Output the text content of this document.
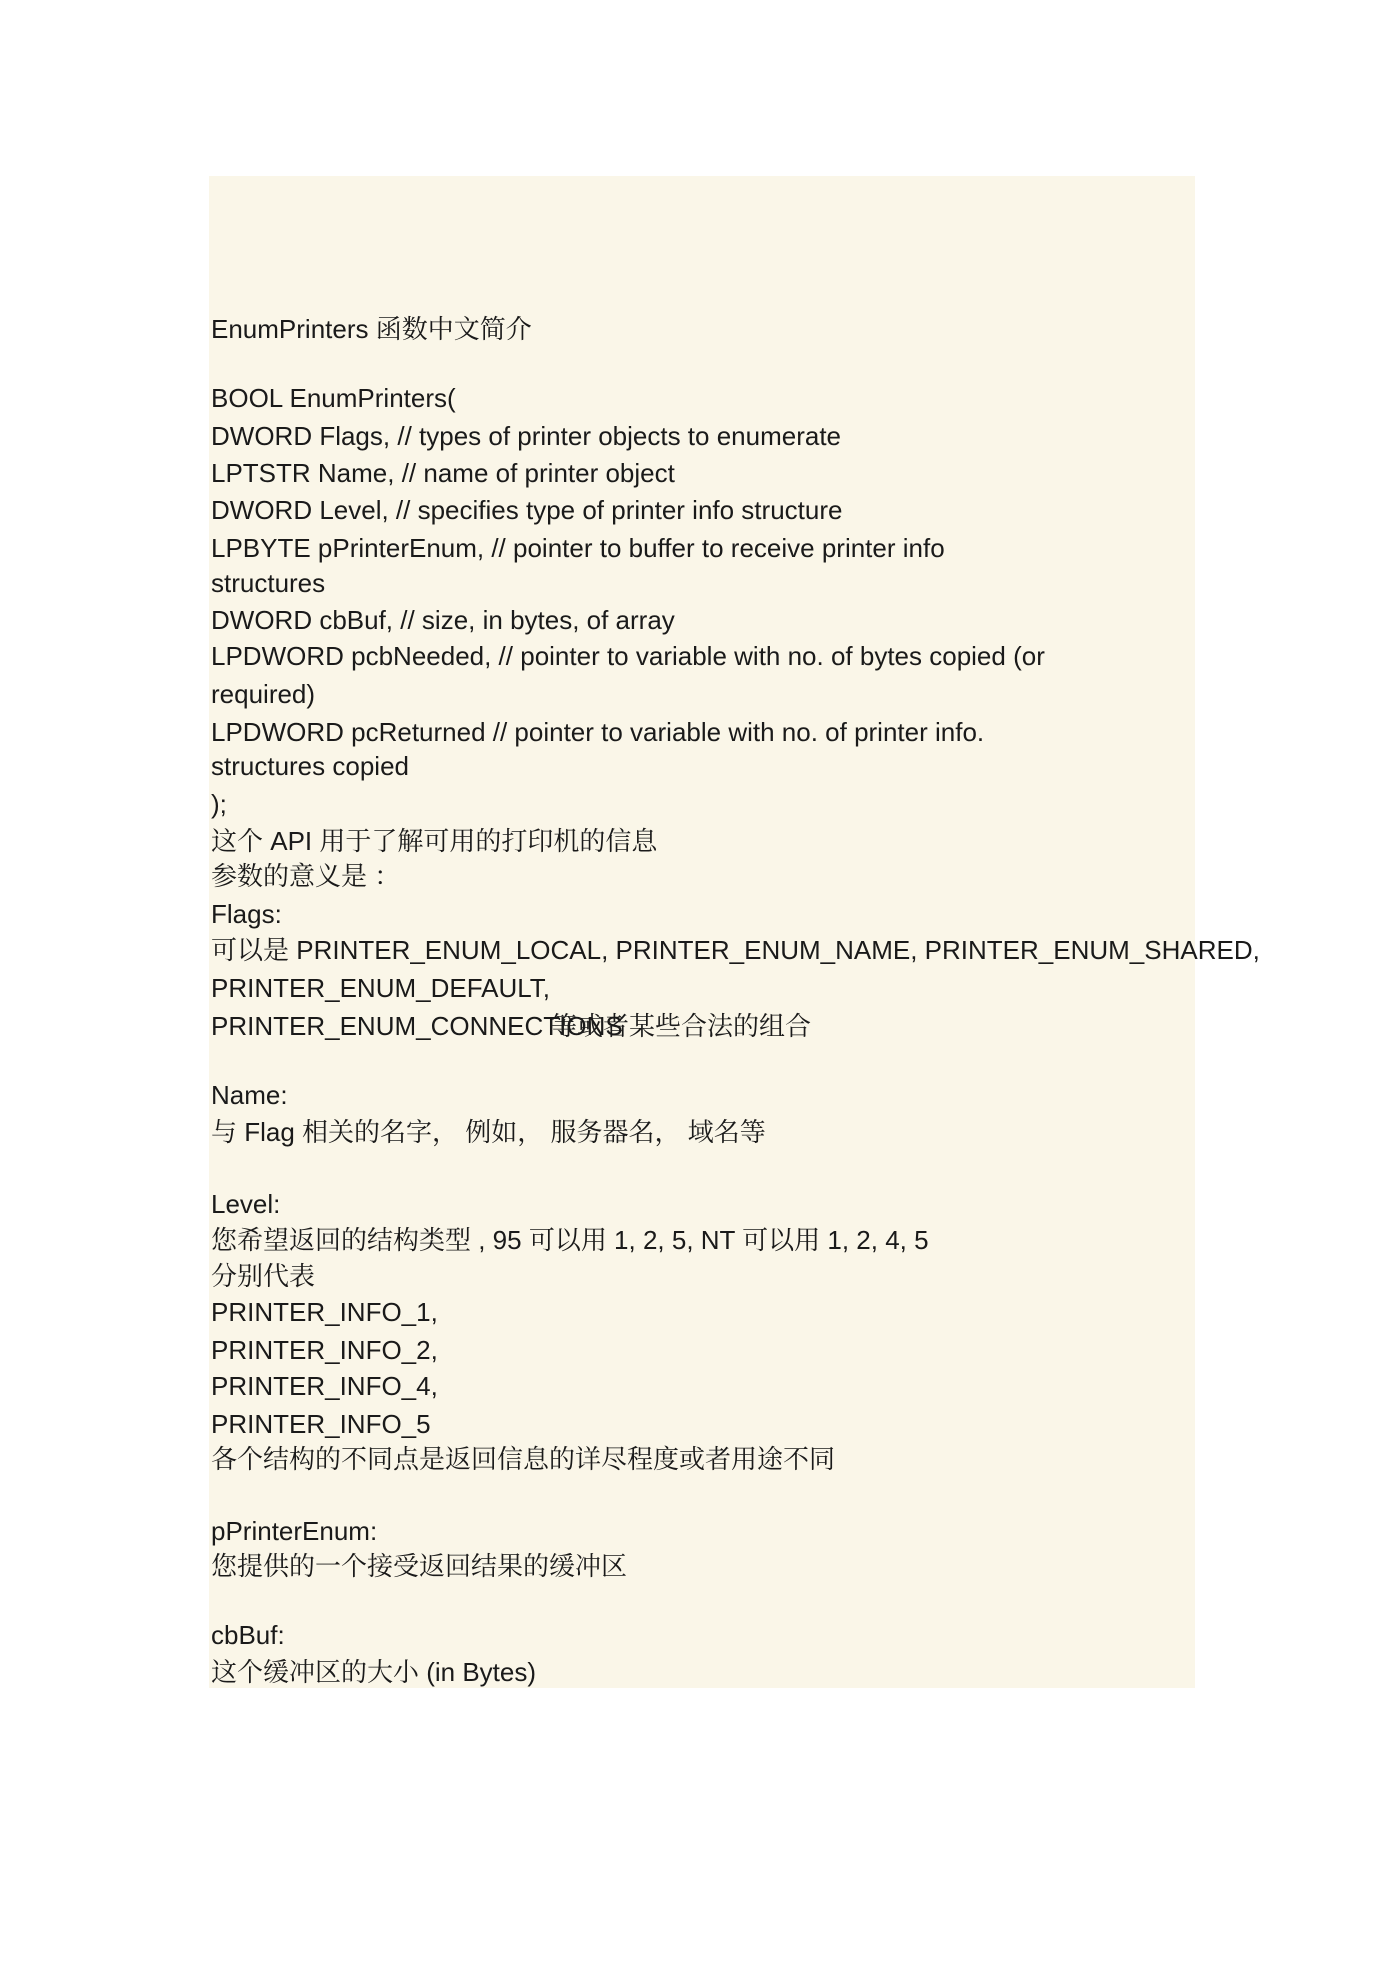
EnumPrinters 函数中文简介
BOOL EnumPrinters(
DWORD Flags, // types of printer objects to enumerate
LPTSTR Name, // name of printer object
DWORD Level, // specifies type of printer info structure
LPBYTE pPrinterEnum, // pointer to buffer to receive printer info
structures
DWORD cbBuf, // size, in bytes, of array
LPDWORD pcbNeeded, // pointer to variable with no. of bytes copied (or
required)
LPDWORD pcReturned // pointer to variable with no. of printer info.
structures copied
);
这个 API 用于了解可用的打印机的信息
参数的意义是 ：
Flags:
可以是 PRINTER_ENUM_LOCAL, PRINTER_ENUM_NAME, PRINTER_ENUM_SHARED,
PRINTER_ENUM_DEFAULT,
PRINTER_ENUM_CONNECTIONS
等或者某些合法的组合
Name:
与 Flag 相关的名字， 例如， 服务器名， 域名等
Level:
您希望返回的结构类型 , 95 可以用 1, 2, 5, NT 可以用 1, 2, 4, 5
分别代表
PRINTER_INFO_1,
PRINTER_INFO_2,
PRINTER_INFO_4,
PRINTER_INFO_5
各个结构的不同点是返回信息的详尽程度或者用途不同
pPrinterEnum:
您提供的一个接受返回结果的缓冲区
cbBuf:
这个缓冲区的大小 (in Bytes)
